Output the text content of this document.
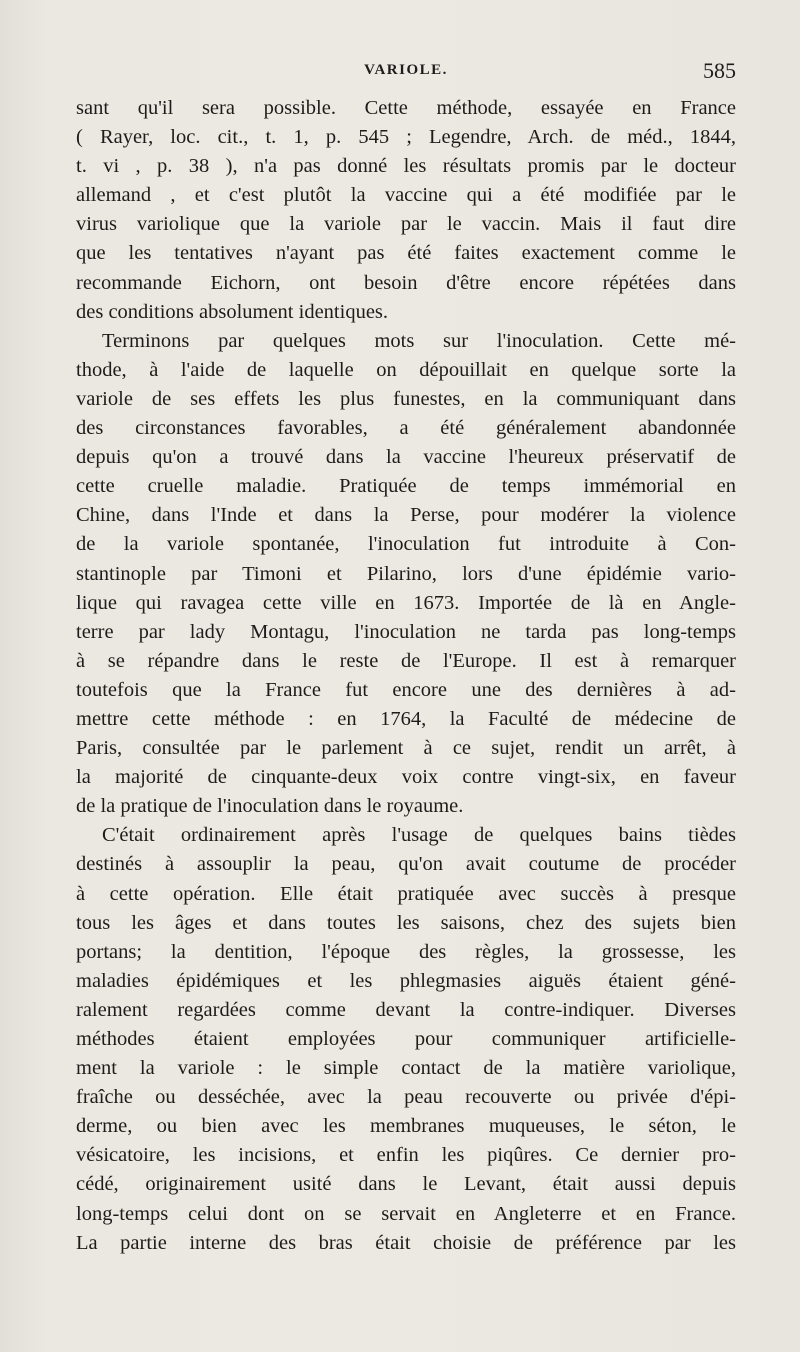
VARIOLE.	585
sant qu'il sera possible. Cette méthode, essayée en France
( Rayer, loc. cit., t. 1, p. 545 ; Legendre, Arch. de méd., 1844,
t. vi , p. 38 ), n'a pas donné les résultats promis par le docteur
allemand , et c'est plutôt la vaccine qui a été modifiée par le
virus variolique que la variole par le vaccin. Mais il faut dire
que les tentatives n'ayant pas été faites exactement comme le
recommande Eichorn, ont besoin d'être encore répétées dans
des conditions absolument identiques.
Terminons par quelques mots sur l'inoculation. Cette mé-
thode, à l'aide de laquelle on dépouillait en quelque sorte la
variole de ses effets les plus funestes, en la communiquant dans
des circonstances favorables, a été généralement abandonnée
depuis qu'on a trouvé dans la vaccine l'heureux préservatif de
cette cruelle maladie. Pratiquée de temps immémorial en
Chine, dans l'Inde et dans la Perse, pour modérer la violence
de la variole spontanée, l'inoculation fut introduite à Con-
stantinople par Timoni et Pilarino, lors d'une épidémie vario-
lique qui ravagea cette ville en 1673. Importée de là en Angle-
terre par lady Montagu, l'inoculation ne tarda pas long-temps
à se répandre dans le reste de l'Europe. Il est à remarquer
toutefois que la France fut encore une des dernières à ad-
mettre cette méthode : en 1764, la Faculté de médecine de
Paris, consultée par le parlement à ce sujet, rendit un arrêt, à
la majorité de cinquante-deux voix contre vingt-six, en faveur
de la pratique de l'inoculation dans le royaume.
C'était ordinairement après l'usage de quelques bains tièdes
destinés à assouplir la peau, qu'on avait coutume de procéder
à cette opération. Elle était pratiquée avec succès à presque
tous les âges et dans toutes les saisons, chez des sujets bien
portans; la dentition, l'époque des règles, la grossesse, les
maladies épidémiques et les phlegmasies aiguës étaient géné-
ralement regardées comme devant la contre-indiquer. Diverses
méthodes étaient employées pour communiquer artificielle-
ment la variole : le simple contact de la matière variolique,
fraîche ou desséchée, avec la peau recouverte ou privée d'épi-
derme, ou bien avec les membranes muqueuses, le séton, le
vésicatoire, les incisions, et enfin les piqûres. Ce dernier pro-
cédé, originairement usité dans le Levant, était aussi depuis
long-temps celui dont on se servait en Angleterre et en France.
La partie interne des bras était choisie de préférence par les
